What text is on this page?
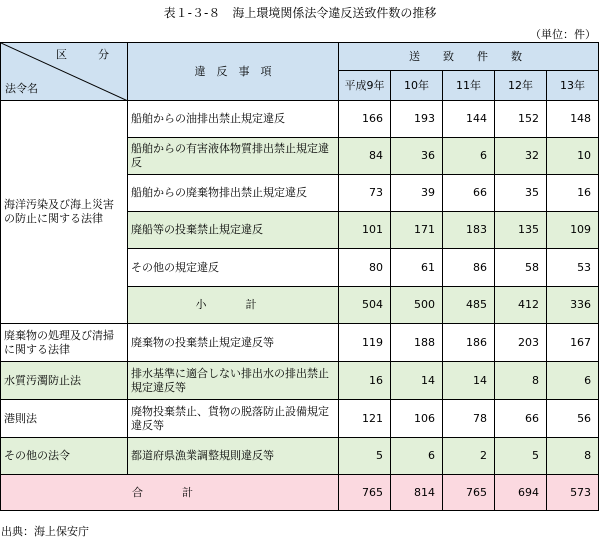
表１-３-８　海上環境関係法令違反送致件数の推移
（単位：件）
区　分
法令名	違　反　事　項	送　致　件　数				
		平成9年	10年	11年	12年	13年
海洋汚染及び海上災害の防止に関する法律	船舶からの油排出禁止規定違反	166	193	144	152	148
	船舶からの有害液体物質排出禁止規定違反	84	36	6	32	10
	船舶からの廃棄物排出禁止規定違反	73	39	66	35	16
	廃船等の投棄禁止規定違反	101	171	183	135	109
	その他の規定違反	80	61	86	58	53
	小　計	504	500	485	412	336
廃棄物の処理及び清掃に関する法律	廃棄物の投棄禁止規定違反等	119	188	186	203	167
水質汚濁防止法	排水基準に適合しない排出水の排出禁止規定違反等	16	14	14	8	6
港則法	廃物投棄禁止、貨物の脱落防止設備規定違反等	121	106	78	66	56
その他の法令	都道府県漁業調整規則違反等	5	6	2	5	8
合　計		765	814	765	694	573
出典：海上保安庁
